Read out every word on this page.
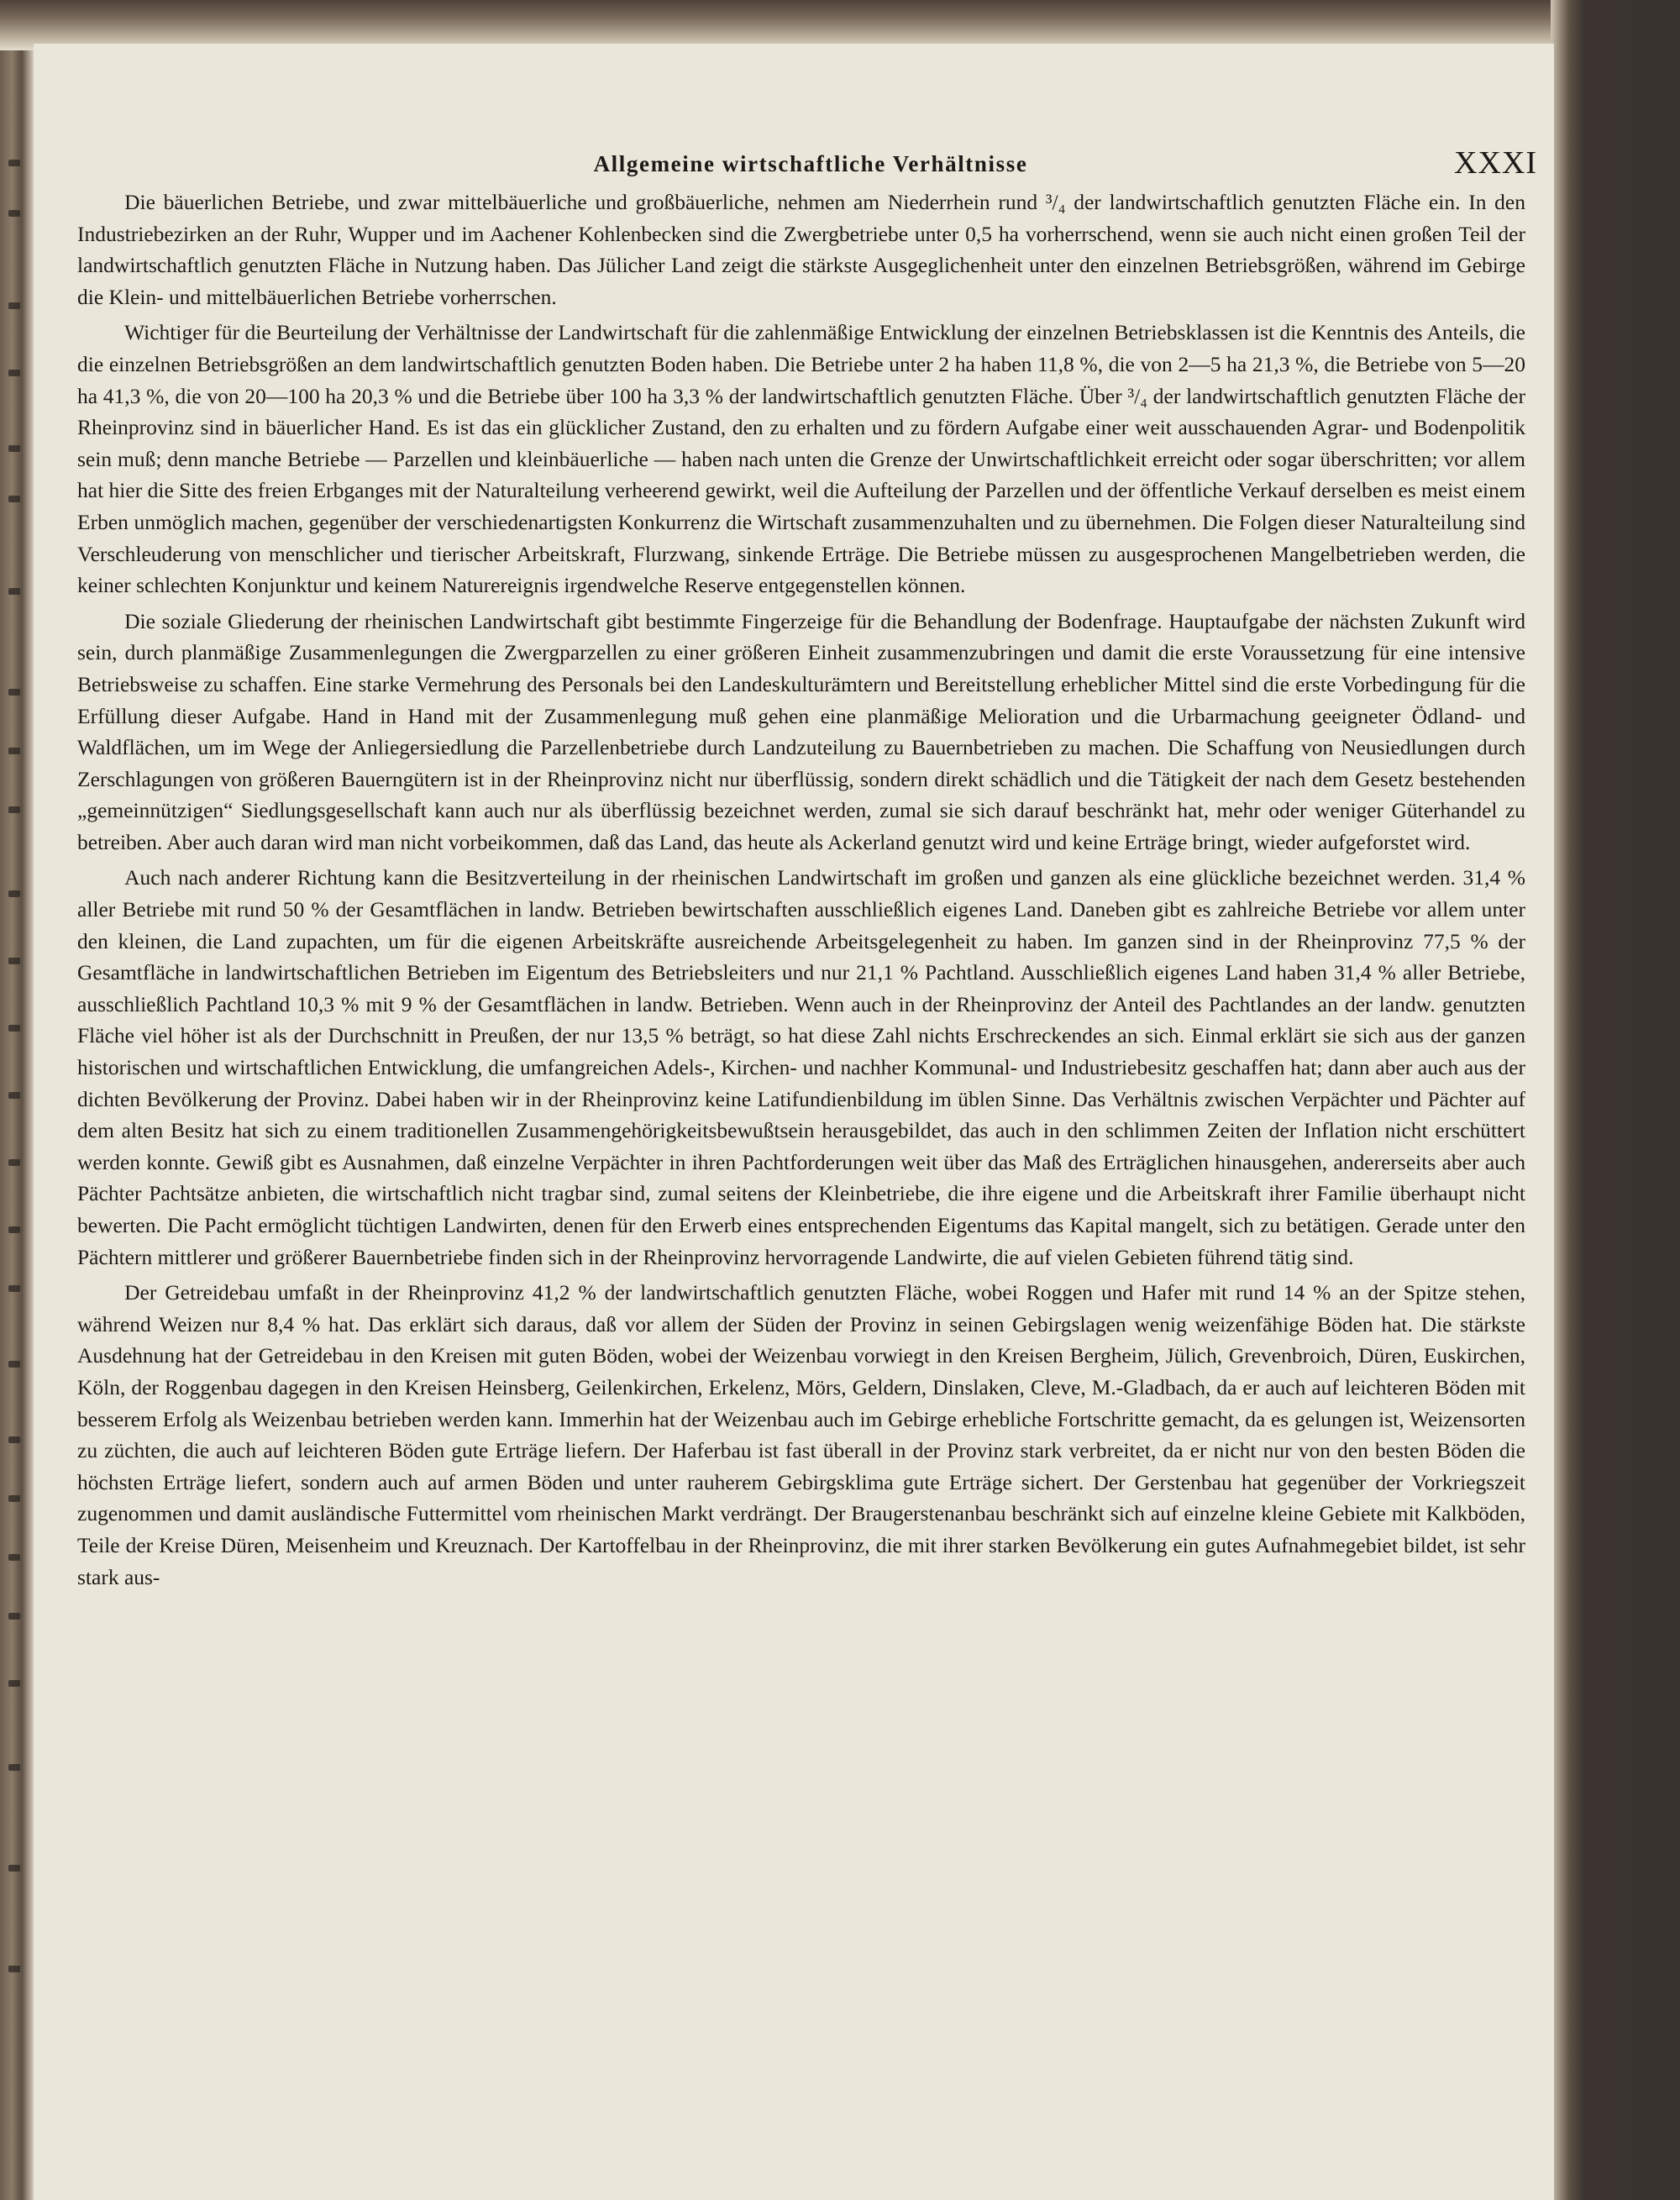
Allgemeine wirtschaftliche Verhältnisse	XXXI

Die bäuerlichen Betriebe, und zwar mittelbäuerliche und großbäuerliche, nehmen am Niederrhein rund ³/₄ der landwirtschaftlich genutzten Fläche ein. In den Industriebezirken an der Ruhr, Wupper und im Aachener Kohlenbecken sind die Zwergbetriebe unter 0,5 ha vorherrschend, wenn sie auch nicht einen großen Teil der landwirtschaftlich genutzten Fläche in Nutzung haben. Das Jülicher Land zeigt die stärkste Ausgeglichenheit unter den einzelnen Betriebsgrößen, während im Gebirge die Klein- und mittelbäuerlichen Betriebe vorherrschen.

Wichtiger für die Beurteilung der Verhältnisse der Landwirtschaft für die zahlenmäßige Entwicklung der einzelnen Betriebsklassen ist die Kenntnis des Anteils, die die einzelnen Betriebsgrößen an dem landwirtschaftlich genutzten Boden haben. Die Betriebe unter 2 ha haben 11,8 %, die von 2—5 ha 21,3 %, die Betriebe von 5—20 ha 41,3 %, die von 20—100 ha 20,3 % und die Betriebe über 100 ha 3,3 % der landwirtschaftlich genutzten Fläche. Über ³/₄ der landwirtschaftlich genutzten Fläche der Rheinprovinz sind in bäuerlicher Hand. Es ist das ein glücklicher Zustand, den zu erhalten und zu fördern Aufgabe einer weit ausschauenden Agrar- und Bodenpolitik sein muß; denn manche Betriebe — Parzellen und kleinbäuerliche — haben nach unten die Grenze der Unwirtschaftlichkeit erreicht oder sogar überschritten; vor allem hat hier die Sitte des freien Erbganges mit der Naturalteilung verheerend gewirkt, weil die Aufteilung der Parzellen und der öffentliche Verkauf derselben es meist einem Erben unmöglich machen, gegenüber der verschiedenartigsten Konkurrenz die Wirtschaft zusammenzuhalten und zu übernehmen. Die Folgen dieser Naturalteilung sind Verschleuderung von menschlicher und tierischer Arbeitskraft, Flurzwang, sinkende Erträge. Die Betriebe müssen zu ausgesprochenen Mangelbetrieben werden, die keiner schlechten Konjunktur und keinem Naturereignis irgendwelche Reserve entgegenstellen können.

Die soziale Gliederung der rheinischen Landwirtschaft gibt bestimmte Fingerzeige für die Behandlung der Bodenfrage. Hauptaufgabe der nächsten Zukunft wird sein, durch planmäßige Zusammenlegungen die Zwergparzellen zu einer größeren Einheit zusammenzubringen und damit die erste Voraussetzung für eine intensive Betriebsweise zu schaffen. Eine starke Vermehrung des Personals bei den Landeskulturämtern und Bereitstellung erheblicher Mittel sind die erste Vorbedingung für die Erfüllung dieser Aufgabe. Hand in Hand mit der Zusammenlegung muß gehen eine planmäßige Melioration und die Urbarmachung geeigneter Ödland- und Waldflächen, um im Wege der Anliegersiedlung die Parzellenbetriebe durch Landzuteilung zu Bauernbetrieben zu machen. Die Schaffung von Neusiedlungen durch Zerschlagungen von größeren Bauerngütern ist in der Rheinprovinz nicht nur überflüssig, sondern direkt schädlich und die Tätigkeit der nach dem Gesetz bestehenden „gemeinnützigen“ Siedlungsgesellschaft kann auch nur als überflüssig bezeichnet werden, zumal sie sich darauf beschränkt hat, mehr oder weniger Güterhandel zu betreiben. Aber auch daran wird man nicht vorbeikommen, daß das Land, das heute als Ackerland genutzt wird und keine Erträge bringt, wieder aufgeforstet wird.

Auch nach anderer Richtung kann die Besitzverteilung in der rheinischen Landwirtschaft im großen und ganzen als eine glückliche bezeichnet werden. 31,4 % aller Betriebe mit rund 50 % der Gesamtflächen in landw. Betrieben bewirtschaften ausschließlich eigenes Land. Daneben gibt es zahlreiche Betriebe vor allem unter den kleinen, die Land zupachten, um für die eigenen Arbeitskräfte ausreichende Arbeitsgelegenheit zu haben. Im ganzen sind in der Rheinprovinz 77,5 % der Gesamtfläche in landwirtschaftlichen Betrieben im Eigentum des Betriebsleiters und nur 21,1 % Pachtland. Ausschließlich eigenes Land haben 31,4 % aller Betriebe, ausschließlich Pachtland 10,3 % mit 9 % der Gesamtflächen in landw. Betrieben. Wenn auch in der Rheinprovinz der Anteil des Pachtlandes an der landw. genutzten Fläche viel höher ist als der Durchschnitt in Preußen, der nur 13,5 % beträgt, so hat diese Zahl nichts Erschreckendes an sich. Einmal erklärt sie sich aus der ganzen historischen und wirtschaftlichen Entwicklung, die umfangreichen Adels-, Kirchen- und nachher Kommunal- und Industriebesitz geschaffen hat; dann aber auch aus der dichten Bevölkerung der Provinz. Dabei haben wir in der Rheinprovinz keine Latifundienbildung im üblen Sinne. Das Verhältnis zwischen Verpächter und Pächter auf dem alten Besitz hat sich zu einem traditionellen Zusammengehörigkeitsbewußtsein herausgebildet, das auch in den schlimmen Zeiten der Inflation nicht erschüttert werden konnte. Gewiß gibt es Ausnahmen, daß einzelne Verpächter in ihren Pachtforderungen weit über das Maß des Erträglichen hinausgehen, andererseits aber auch Pächter Pachtsätze anbieten, die wirtschaftlich nicht tragbar sind, zumal seitens der Kleinbetriebe, die ihre eigene und die Arbeitskraft ihrer Familie überhaupt nicht bewerten. Die Pacht ermöglicht tüchtigen Landwirten, denen für den Erwerb eines entsprechenden Eigentums das Kapital mangelt, sich zu betätigen. Gerade unter den Pächtern mittlerer und größerer Bauernbetriebe finden sich in der Rheinprovinz hervorragende Landwirte, die auf vielen Gebieten führend tätig sind.

Der Getreidebau umfaßt in der Rheinprovinz 41,2 % der landwirtschaftlich genutzten Fläche, wobei Roggen und Hafer mit rund 14 % an der Spitze stehen, während Weizen nur 8,4 % hat. Das erklärt sich daraus, daß vor allem der Süden der Provinz in seinen Gebirgslagen wenig weizenfähige Böden hat. Die stärkste Ausdehnung hat der Getreidebau in den Kreisen mit guten Böden, wobei der Weizenbau vorwiegt in den Kreisen Bergheim, Jülich, Grevenbroich, Düren, Euskirchen, Köln, der Roggenbau dagegen in den Kreisen Heinsberg, Geilenkirchen, Erkelenz, Mörs, Geldern, Dinslaken, Cleve, M.-Gladbach, da er auch auf leichteren Böden mit besserem Erfolg als Weizenbau betrieben werden kann. Immerhin hat der Weizenbau auch im Gebirge erhebliche Fortschritte gemacht, da es gelungen ist, Weizensorten zu züchten, die auch auf leichteren Böden gute Erträge liefern. Der Haferbau ist fast überall in der Provinz stark verbreitet, da er nicht nur von den besten Böden die höchsten Erträge liefert, sondern auch auf armen Böden und unter rauherem Gebirgsklima gute Erträge sichert. Der Gerstenbau hat gegenüber der Vorkriegszeit zugenommen und damit ausländische Futtermittel vom rheinischen Markt verdrängt. Der Braugerstenanbau beschränkt sich auf einzelne kleine Gebiete mit Kalkböden, Teile der Kreise Düren, Meisenheim und Kreuznach. Der Kartoffelbau in der Rheinprovinz, die mit ihrer starken Bevölkerung ein gutes Aufnahmegebiet bildet, ist sehr stark aus-
